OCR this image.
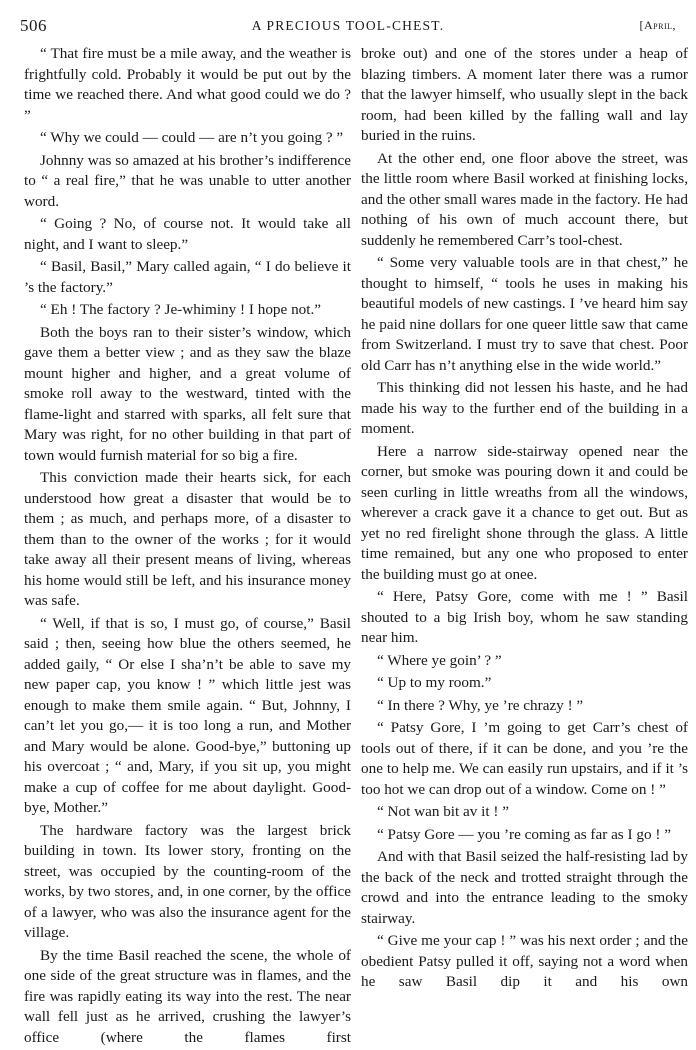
506	A PRECIOUS TOOL-CHEST.	[April,

“ That fire must be a mile away, and the weather is frightfully cold. Probably it would be put out by the time we reached there. And what good could we do ? ”

“ Why we could — could — are n’t you going ? ”

Johnny was so amazed at his brother’s indifference to “ a real fire,” that he was unable to utter another word.

“ Going ? No, of course not. It would take all night, and I want to sleep.”

“ Basil, Basil,” Mary called again, “ I do believe it ’s the factory.”

“ Eh ! The factory ? Je-whiminy ! I hope not.”

Both the boys ran to their sister’s window, which gave them a better view ; and as they saw the blaze mount higher and higher, and a great volume of smoke roll away to the westward, tinted with the flame-light and starred with sparks, all felt sure that Mary was right, for no other building in that part of town would furnish material for so big a fire.

This conviction made their hearts sick, for each understood how great a disaster that would be to them ; as much, and perhaps more, of a disaster to them than to the owner of the works ; for it would take away all their present means of living, whereas his home would still be left, and his insurance money was safe.

“ Well, if that is so, I must go, of course,” Basil said ; then, seeing how blue the others seemed, he added gaily, “ Or else I sha’n’t be able to save my new paper cap, you know ! ” which little jest was enough to make them smile again. “ But, Johnny, I can’t let you go,— it is too long a run, and Mother and Mary would be alone. Good-bye,” buttoning up his overcoat ; “ and, Mary, if you sit up, you might make a cup of coffee for me about daylight. Good-bye, Mother.”

The hardware factory was the largest brick building in town. Its lower story, fronting on the street, was occupied by the counting-room of the works, by two stores, and, in one corner, by the office of a lawyer, who was also the insurance agent for the village.

By the time Basil reached the scene, the whole of one side of the great structure was in flames, and the fire was rapidly eating its way into the rest. The near wall fell just as he arrived, crushing the lawyer’s office (where the flames first

broke out) and one of the stores under a heap of blazing timbers. A moment later there was a rumor that the lawyer himself, who usually slept in the back room, had been killed by the falling wall and lay buried in the ruins.

At the other end, one floor above the street, was the little room where Basil worked at finishing locks, and the other small wares made in the factory. He had nothing of his own of much account there, but suddenly he remembered Carr’s tool-chest.

“ Some very valuable tools are in that chest,” he thought to himself, “ tools he uses in making his beautiful models of new castings. I ’ve heard him say he paid nine dollars for one queer little saw that came from Switzerland. I must try to save that chest. Poor old Carr has n’t anything else in the wide world.”

This thinking did not lessen his haste, and he had made his way to the further end of the building in a moment.

Here a narrow side-stairway opened near the corner, but smoke was pouring down it and could be seen curling in little wreaths from all the windows, wherever a crack gave it a chance to get out. But as yet no red firelight shone through the glass. A little time remained, but any one who proposed to enter the building must go at onee.

“ Here, Patsy Gore, come with me ! ” Basil shouted to a big Irish boy, whom he saw standing near him.

“ Where ye goin’ ? ”

“ Up to my room.”

“ In there ? Why, ye ’re chrazy ! ”

“ Patsy Gore, I ’m going to get Carr’s chest of tools out of there, if it can be done, and you ’re the one to help me. We can easily run upstairs, and if it ’s too hot we can drop out of a window. Come on ! ”

“ Not wan bit av it ! ”

“ Patsy Gore — you ’re coming as far as I go ! ”

And with that Basil seized the half-resisting lad by the back of the neck and trotted straight through the crowd and into the entrance leading to the smoky stairway.

“ Give me your cap ! ” was his next order ; and the obedient Patsy pulled it off, saying not a word when he saw Basil dip it and his own
